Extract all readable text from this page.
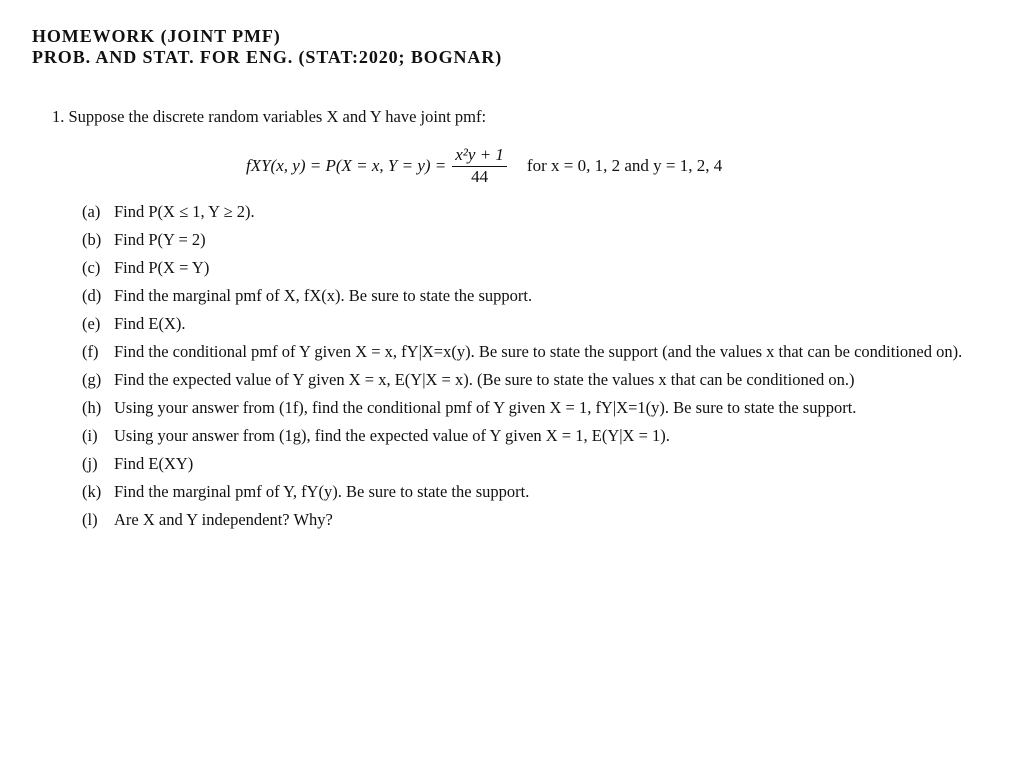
HOMEWORK (JOINT PMF)
PROB. AND STAT. FOR ENG. (STAT:2020; BOGNAR)
1. Suppose the discrete random variables X and Y have joint pmf:
fXY(x, y) = P(X = x, $Y = y) = \frac{\text{x²y + 1}}{44}$ for x = 0, 1, 2 and y = 1, 2, 4
(a) Find P(X ≤ 1, Y ≥ 2).
(b) Find P(Y = 2)
(c) Find P(X = Y)
(d) Find the marginal pmf of X, fX(x). Be sure to state the support.
(e) Find E(X).
(f) Find the conditional pmf of Y given X = x, fY|X=x(y). Be sure to state the support (and the values x that can be conditioned on).
(g) Find the expected value of Y given X = x, E(Y|X = x). (Be sure to state the values x that can be conditioned on.)
(h) Using your answer from (1f), find the conditional pmf of Y given X = 1, fY|X=1(y). Be sure to state the support.
(i) Using your answer from (1g), find the expected value of Y given X = 1, E(Y|X = 1).
(j) Find E(XY)
(k) Find the marginal pmf of Y, fY(y). Be sure to state the support.
(l) Are X and Y independent? Why?
